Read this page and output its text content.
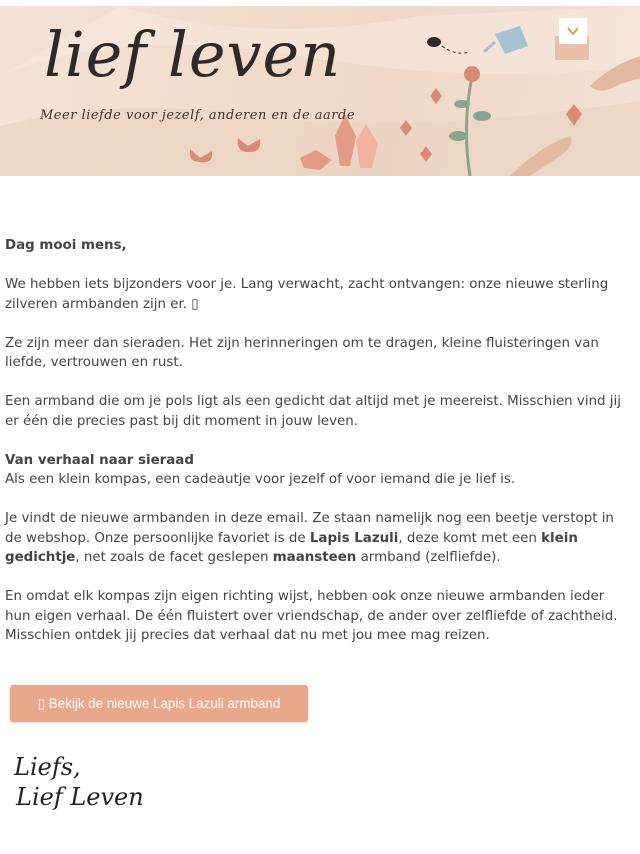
lief leven
Meer liefde voor jezelf, anderen en de aarde

Dag mooi mens,

We hebben iets bijzonders voor je. Lang verwacht, zacht ontvangen: onze nieuwe sterling zilveren armbanden zijn er. ▯

Ze zijn meer dan sieraden. Het zijn herinneringen om te dragen, kleine fluisteringen van liefde, vertrouwen en rust.

Een armband die om je pols ligt als een gedicht dat altijd met je meereist. Misschien vind jij er één die precies past bij dit moment in jouw leven.

Van verhaal naar sieraad
Als een klein kompas, een cadeautje voor jezelf of voor iemand die je lief is.

Je vindt de nieuwe armbanden in deze email. Ze staan namelijk nog een beetje verstopt in de webshop. Onze persoonlijke favoriet is de Lapis Lazuli, deze komt met een klein gedichtje, net zoals de facet geslepen maansteen armband (zelfliefde).

En omdat elk kompas zijn eigen richting wijst, hebben ook onze nieuwe armbanden ieder hun eigen verhaal. De één fluistert over vriendschap, de ander over zelfliefde of zachtheid. Misschien ontdek jij precies dat verhaal dat nu met jou mee mag reizen.

▯ Bekijk de nieuwe Lapis Lazuli armband
Liefs,
Lief Leven
